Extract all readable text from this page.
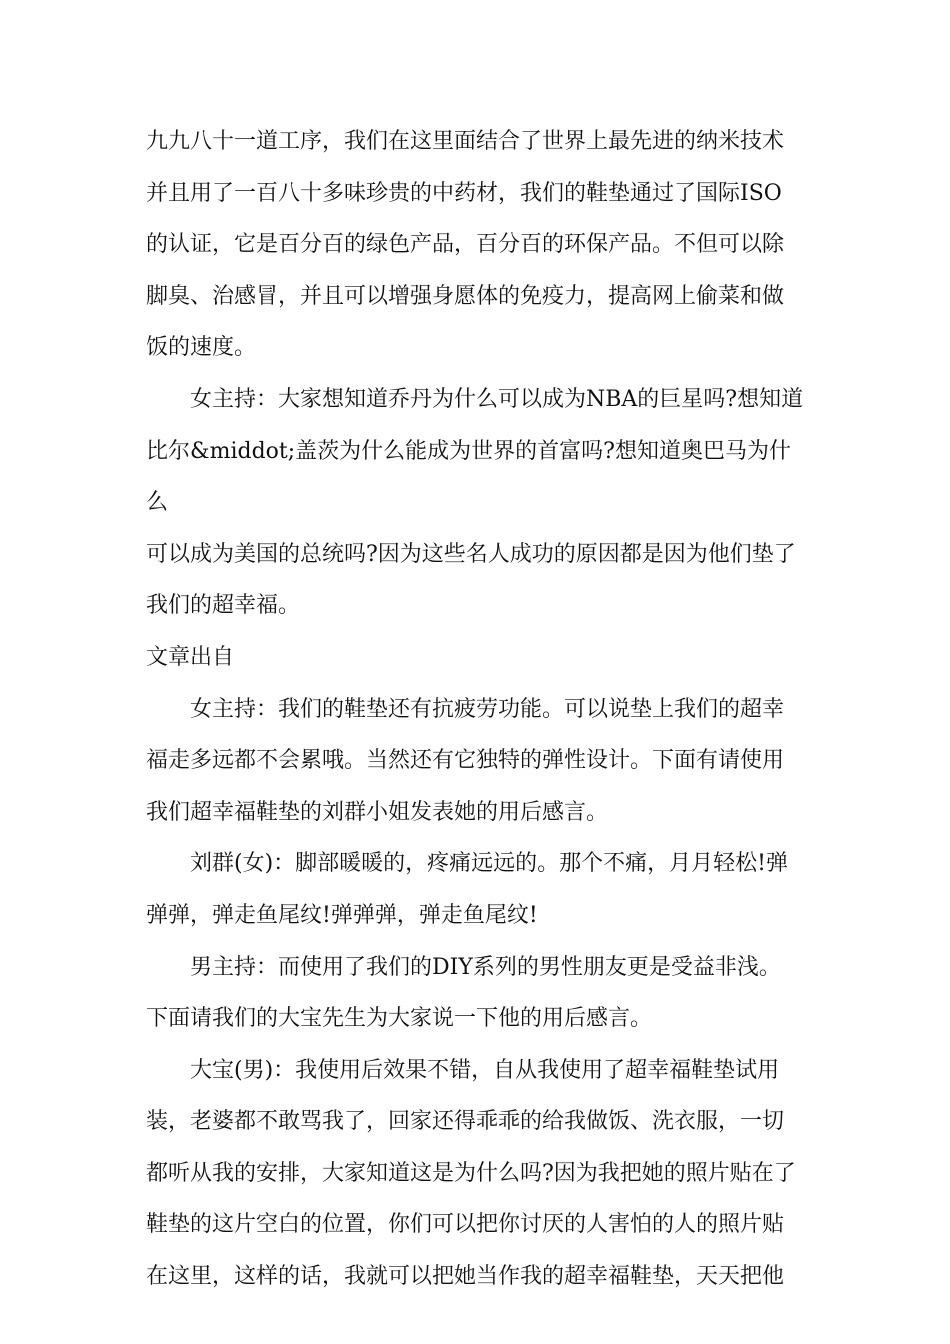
九九八十一道工序，我们在这里面结合了世界上最先进的纳米技术
并且用了一百八十多味珍贵的中药材，我们的鞋垫通过了国际ISO
的认证，它是百分百的绿色产品，百分百的环保产品。不但可以除
脚臭、治感冒，并且可以增强身愿体的免疫力，提高网上偷菜和做
饭的速度。

女主持：大家想知道乔丹为什么可以成为NBA的巨星吗?想知道
比尔&middot;盖茨为什么能成为世界的首富吗?想知道奥巴马为什么
可以成为美国的总统吗?因为这些名人成功的原因都是因为他们垫了
我们的超幸福。

文章出自

女主持：我们的鞋垫还有抗疲劳功能。可以说垫上我们的超幸
福走多远都不会累哦。当然还有它独特的弹性设计。下面有请使用
我们超幸福鞋垫的刘群小姐发表她的用后感言。

刘群(女)：脚部暖暖的，疼痛远远的。那个不痛，月月轻松!弹
弹弹，弹走鱼尾纹!弹弹弹，弹走鱼尾纹!

男主持：而使用了我们的DIY系列的男性朋友更是受益非浅。
下面请我们的大宝先生为大家说一下他的用后感言。

大宝(男)：我使用后效果不错，自从我使用了超幸福鞋垫试用
装，老婆都不敢骂我了，回家还得乖乖的给我做饭、洗衣服，一切
都听从我的安排，大家知道这是为什么吗?因为我把她的照片贴在了
鞋垫的这片空白的位置，你们可以把你讨厌的人害怕的人的照片贴
在这里，这样的话，我就可以把她当作我的超幸福鞋垫，天天把他
